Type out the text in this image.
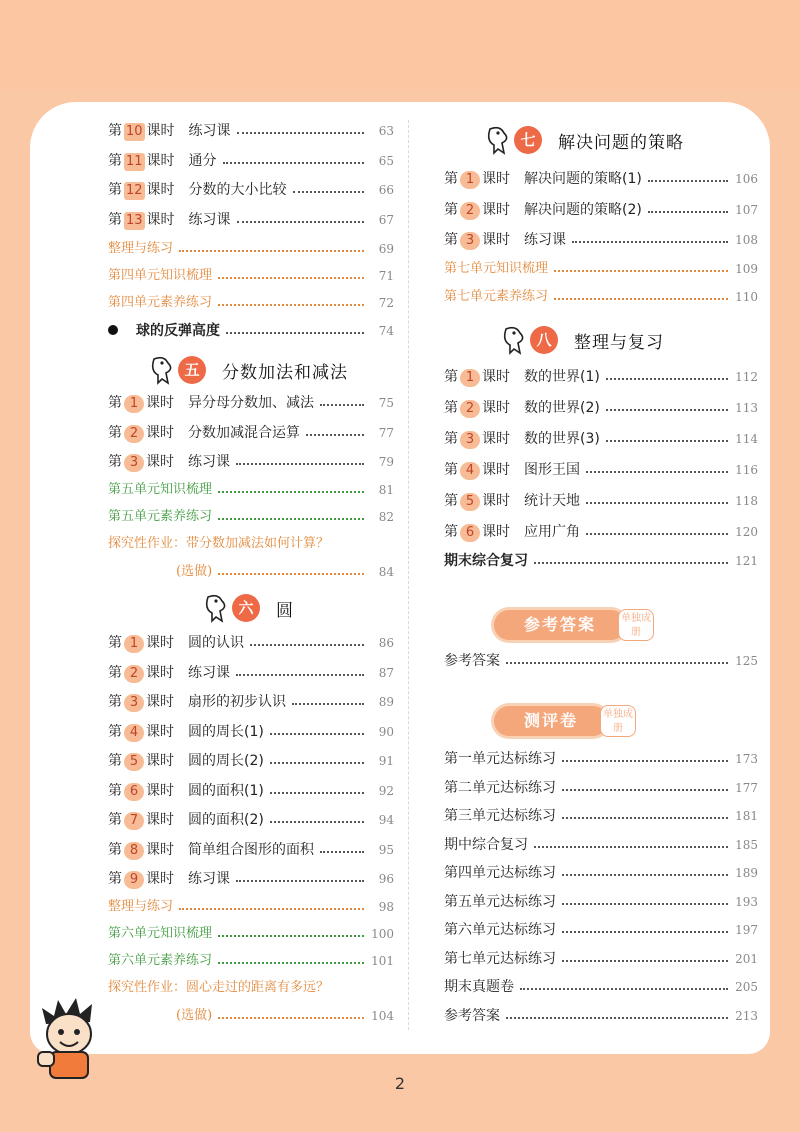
第 10 课时 练习课	63
第 11 课时 通分	65
第 12 课时 分数的大小比较	66
第 13 课时 练习课	67
整理与练习	69
第四单元知识梳理	71
第四单元素养练习	72
球的反弹高度	74
五	分数加法和减法
第 1 课时 异分母分数加、减法	75
第 2 课时 分数加减混合运算	77
第 3 课时 练习课	79
第五单元知识梳理	81
第五单元素养练习	82
探究性作业：带分数加减法如何计算？
(选做)	84
六	圆
第 1 课时 圆的认识	86
第 2 课时 练习课	87
第 3 课时 扇形的初步认识	89
第 4 课时 圆的周长(1)	90
第 5 课时 圆的周长(2)	91
第 6 课时 圆的面积(1)	92
第 7 课时 圆的面积(2)	94
第 8 课时 简单组合图形的面积	95
第 9 课时 练习课	96
整理与练习	98
第六单元知识梳理	100
第六单元素养练习	101
探究性作业：圆心走过的距离有多远？
(选做)	104
七	解决问题的策略
第 1 课时 解决问题的策略(1)	106
第 2 课时 解决问题的策略(2)	107
第 3 课时 练习课	108
第七单元知识梳理	109
第七单元素养练习	110
八	整理与复习
第 1 课时 数的世界(1)	112
第 2 课时 数的世界(2)	113
第 3 课时 数的世界(3)	114
第 4 课时 图形王国	116
第 5 课时 统计天地	118
第 6 课时 应用广角	120
期末综合复习	121
参考答案	单独成册
参考答案	125
测评卷	单独成册
第一单元达标练习	173
第二单元达标练习	177
第三单元达标练习	181
期中综合复习	185
第四单元达标练习	189
第五单元达标练习	193
第六单元达标练习	197
第七单元达标练习	201
期末真题卷	205
参考答案	213
2
